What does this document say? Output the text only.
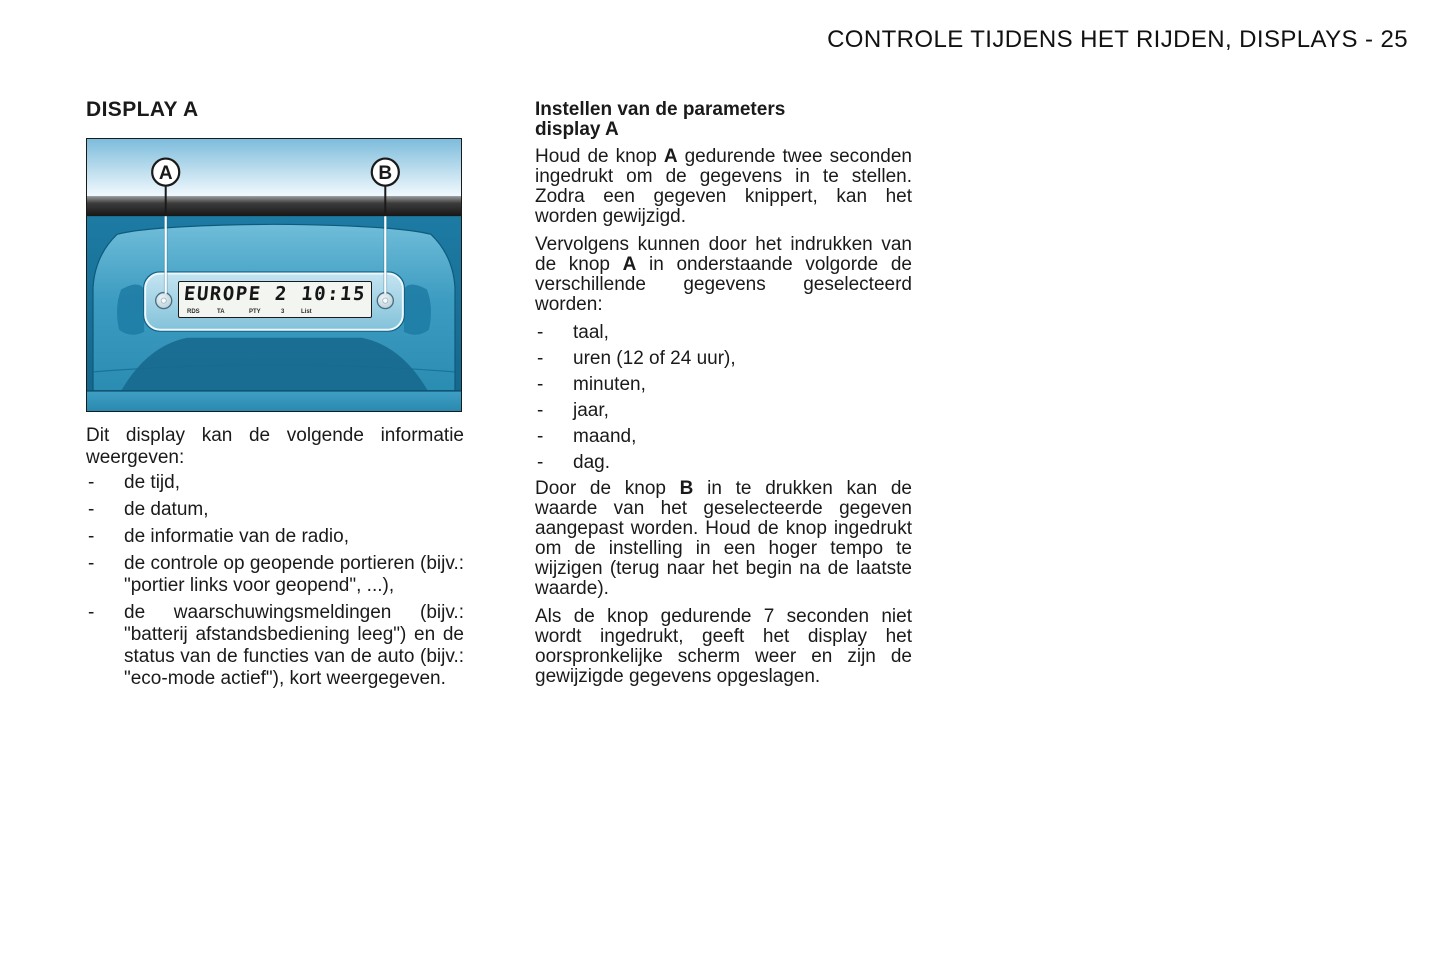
CONTROLE TIJDENS HET RIJDEN, DISPLAYS - 25
DISPLAY A
A	B
EUROPE 2 10:15
RDS	TA	PTY	3	List

Dit display kan de volgende informatie weergeven:

- de tijd,
- de datum,
- de informatie van de radio,
- de controle op geopende portieren (bijv.: "portier links voor geopend", ...),
- de waarschuwingsmeldingen (bijv.: "batterij afstandsbediening leeg") en de status van de functies van de auto (bijv.: "eco-mode actief"), kort weergegeven.
Instellen van de parameters
display A

Houd de knop A gedurende twee seconden ingedrukt om de gegevens in te stellen. Zodra een gegeven knippert, kan het worden gewijzigd.

Vervolgens kunnen door het indrukken van de knop A in onderstaande volgorde de verschillende gegevens geselecteerd worden:

- taal,
- uren (12 of 24 uur),
- minuten,
- jaar,
- maand,
- dag.

Door de knop B in te drukken kan de waarde van het geselecteerde gegeven aangepast worden. Houd de knop ingedrukt om de instelling in een hoger tempo te wijzigen (terug naar het begin na de laatste waarde).

Als de knop gedurende 7 seconden niet wordt ingedrukt, geeft het display het oorspronkelijke scherm weer en zijn de gewijzigde gegevens opgeslagen.
